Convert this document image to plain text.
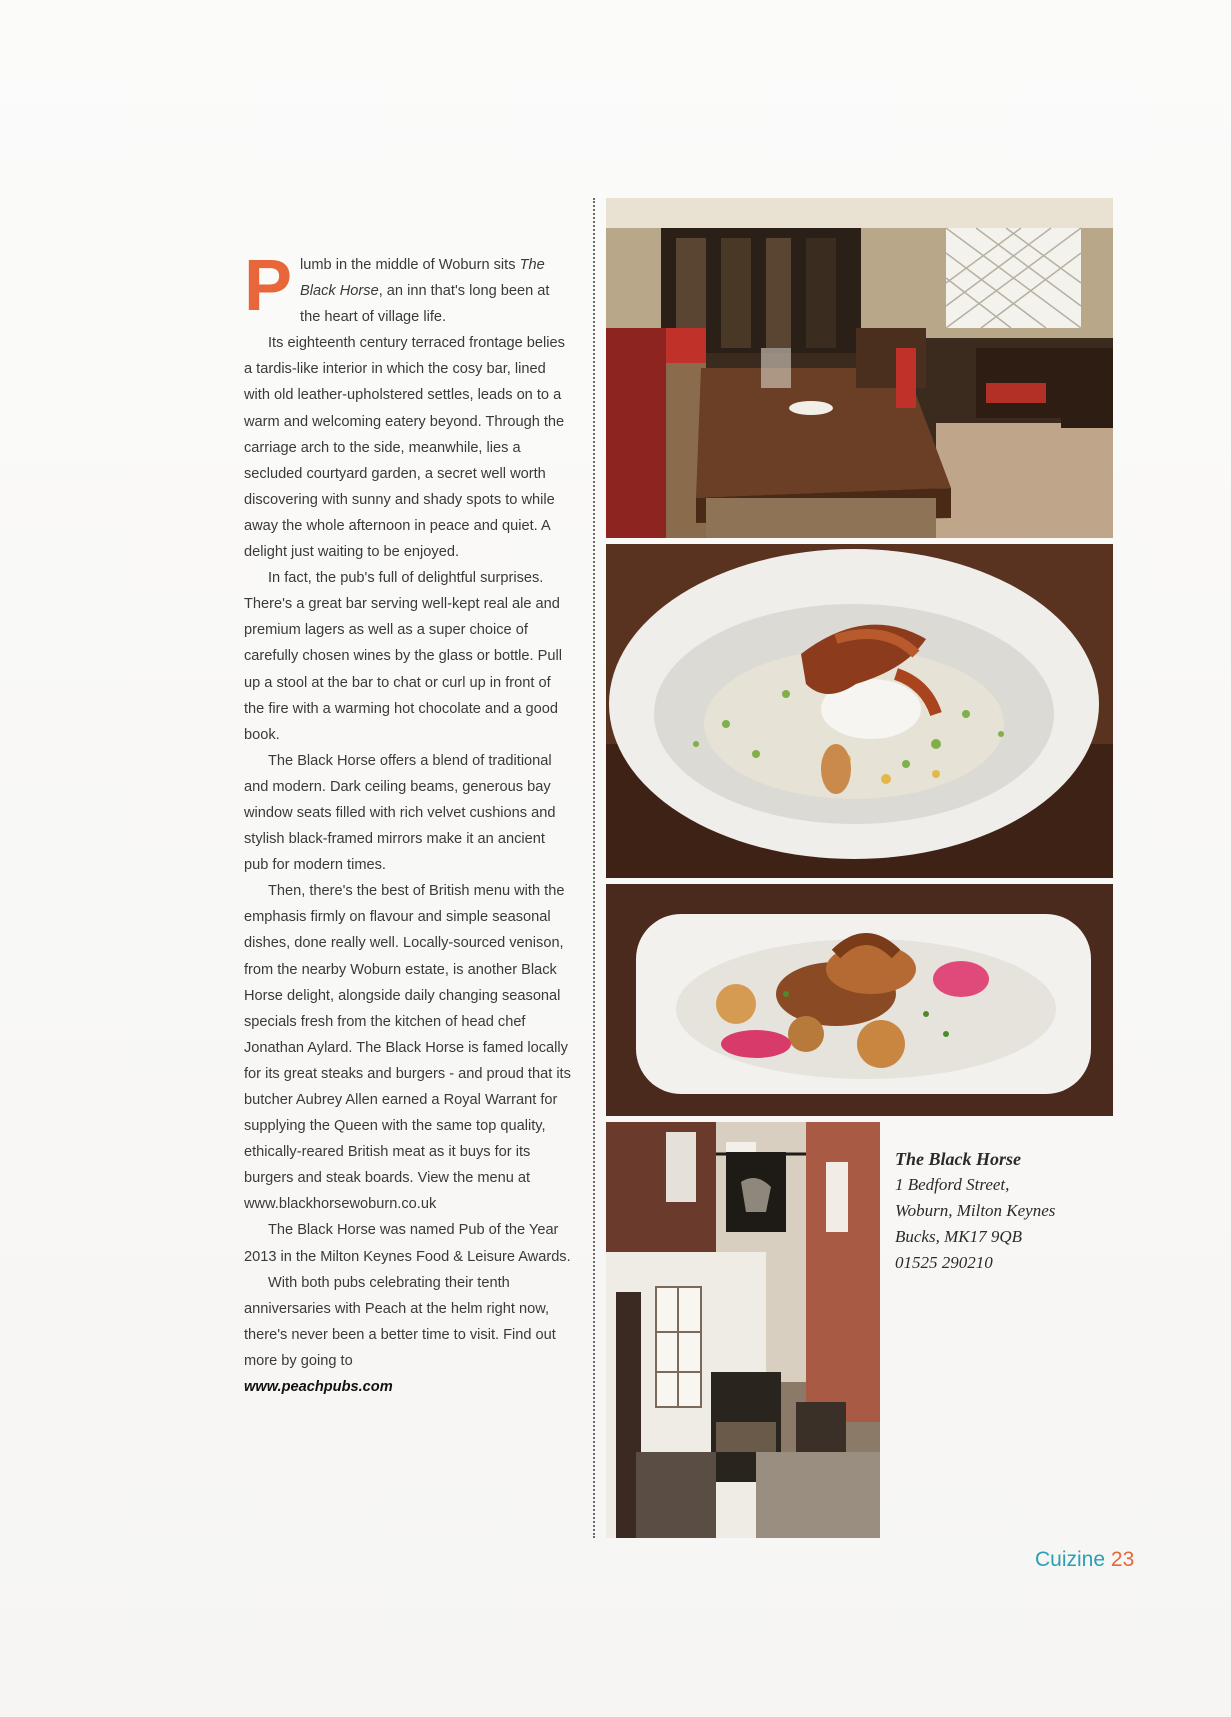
Plumb in the middle of Woburn sits The Black Horse, an inn that's long been at the heart of village life.

Its eighteenth century terraced frontage belies a tardis-like interior in which the cosy bar, lined with old leather-upholstered settles, leads on to a warm and welcoming eatery beyond. Through the carriage arch to the side, meanwhile, lies a secluded courtyard garden, a secret well worth discovering with sunny and shady spots to while away the whole afternoon in peace and quiet. A delight just waiting to be enjoyed.

In fact, the pub's full of delightful surprises. There's a great bar serving well-kept real ale and premium lagers as well as a super choice of carefully chosen wines by the glass or bottle. Pull up a stool at the bar to chat or curl up in front of the fire with a warming hot chocolate and a good book.

The Black Horse offers a blend of traditional and modern. Dark ceiling beams, generous bay window seats filled with rich velvet cushions and stylish black-framed mirrors make it an ancient pub for modern times.

Then, there's the best of British menu with the emphasis firmly on flavour and simple seasonal dishes, done really well. Locally-sourced venison, from the nearby Woburn estate, is another Black Horse delight, alongside daily changing seasonal specials fresh from the kitchen of head chef Jonathan Aylard. The Black Horse is famed locally for its great steaks and burgers - and proud that its butcher Aubrey Allen earned a Royal Warrant for supplying the Queen with the same top quality, ethically-reared British meat as it buys for its burgers and steak boards. View the menu at www.blackhorsewoburn.co.uk

The Black Horse was named Pub of the Year 2013 in the Milton Keynes Food & Leisure Awards.

With both pubs celebrating their tenth anniversaries with Peach at the helm right now, there's never been a better time to visit. Find out more by going to
www.peachpubs.com

The Black Horse
1 Bedford Street,
Woburn, Milton Keynes
Bucks, MK17 9QB
01525 290210
Cuizine 23
